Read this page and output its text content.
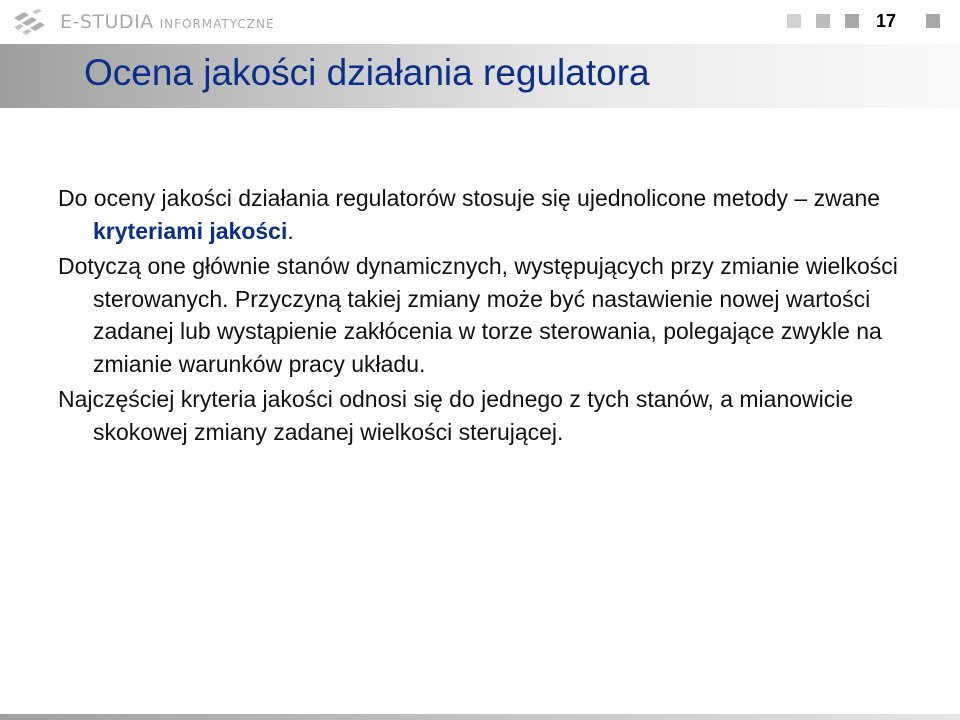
E-STUDIA INFORMATYCZNE	17
Ocena jakości działania regulatora

Do oceny jakości działania regulatorów stosuje się ujednolicone metody – zwane kryteriami jakości.

Dotyczą one głównie stanów dynamicznych, występujących przy zmianie wielkości sterowanych. Przyczyną takiej zmiany może być nastawienie nowej wartości zadanej lub wystąpienie zakłócenia w torze sterowania, polegające zwykle na zmianie warunków pracy układu.

Najczęściej kryteria jakości odnosi się do jednego z tych stanów, a mianowicie skokowej zmiany zadanej wielkości sterującej.
